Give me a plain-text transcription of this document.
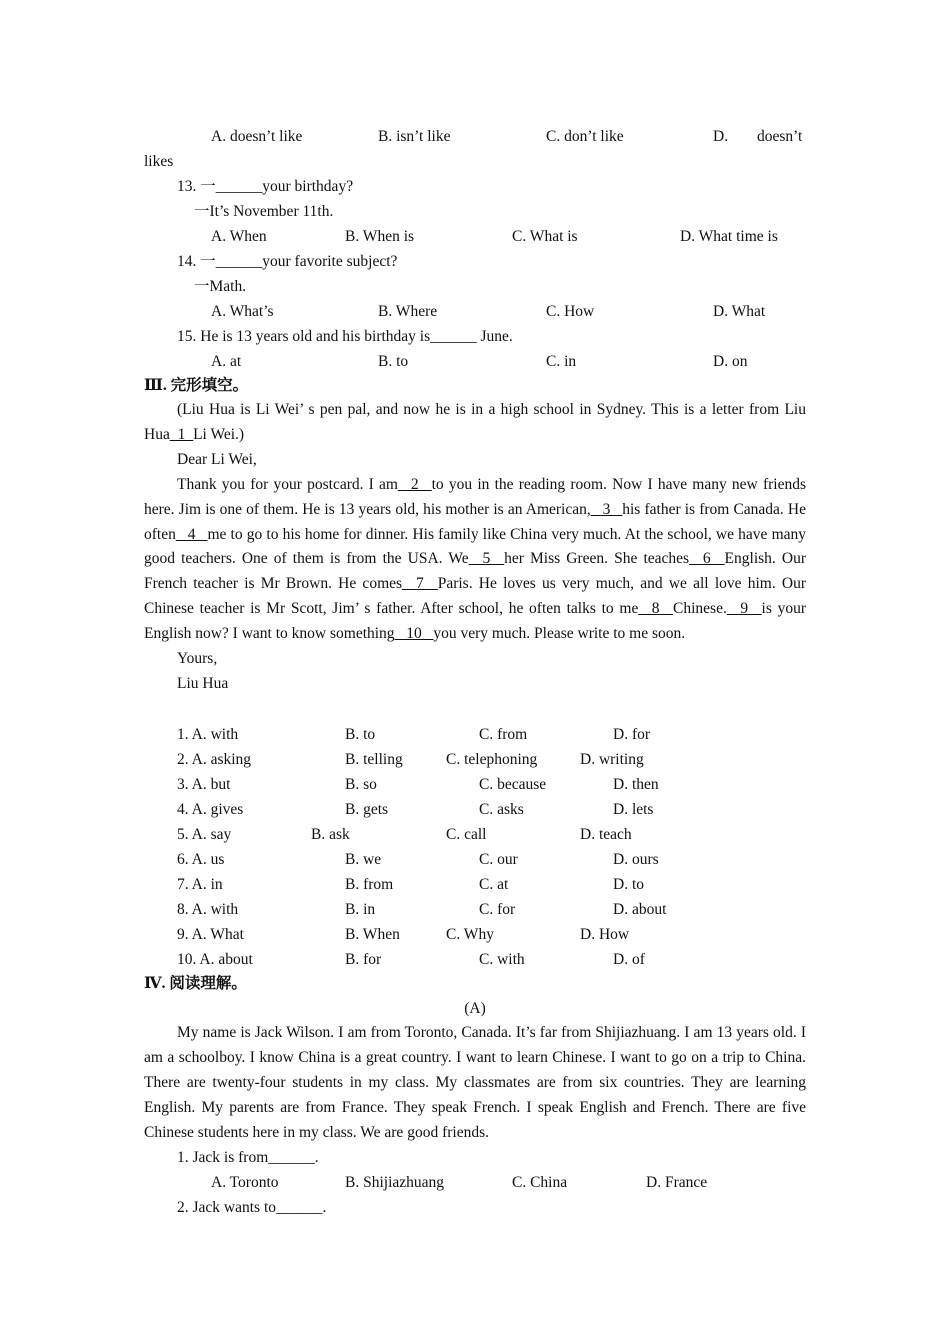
A. doesn’t like	B. isn’t like	C. don’t like	D. doesn’t
likes
13. 一______your birthday?
一It’s November 11th.
A. When	B. When is	C. What is	D. What time is
14. 一______your favorite subject?
一Math.
A. What’s	B. Where	C. How	D. What
15. He is 13 years old and his birthday is______ June.
A. at	B. to	C. in	D. on
Ⅲ. 完形填空。

(Liu Hua is Li Wei’ s pen pal, and now he is in a high school in Sydney. This is a letter from Liu Hua_1_Li Wei.)

Dear Li Wei,

Thank you for your postcard. I am_ 2 _to you in the reading room. Now I have many new friends here. Jim is one of them. He is 13 years old, his mother is an American,_ 3 _his father is from Canada. He often_ 4 _me to go to his home for dinner. His family like China very much. At the school, we have many good teachers. One of them is from the USA. We_ 5 _her Miss Green. She teaches_ 6 _English. Our French teacher is Mr Brown. He comes_ 7 _Paris. He loves us very much, and we all love him. Our Chinese teacher is Mr Scott, Jim’ s father. After school, he often talks to me_ 8 _Chinese._ 9 _is your English now? I want to know something_ 10 _you very much. Please write to me soon.

Yours,

Liu Hua

1. A. with	B. to	C. from	D. for
2. A. asking	B. telling	C. telephoning	D. writing
3. A. but	B. so	C. because	D. then
4. A. gives	B. gets	C. asks	D. lets
5. A. say	B. ask	C. call	D. teach
6. A. us	B. we	C. our	D. ours
7. A. in	B. from	C. at	D. to
8. A. with	B. in	C. for	D. about
9. A. What	B. When	C. Why	D. How
10. A. about	B. for	C. with	D. of
Ⅳ. 阅读理解。
(A)

My name is Jack Wilson. I am from Toronto, Canada. It’s far from Shijiazhuang. I am 13 years old. I am a schoolboy. I know China is a great country. I want to learn Chinese. I want to go on a trip to China. There are twenty-four students in my class. My classmates are from six countries. They are learning English. My parents are from France. They speak French. I speak English and French. There are five Chinese students here in my class. We are good friends.

1. Jack is from______.
A. Toronto	B. Shijiazhuang	C. China	D. France
2. Jack wants to______.
